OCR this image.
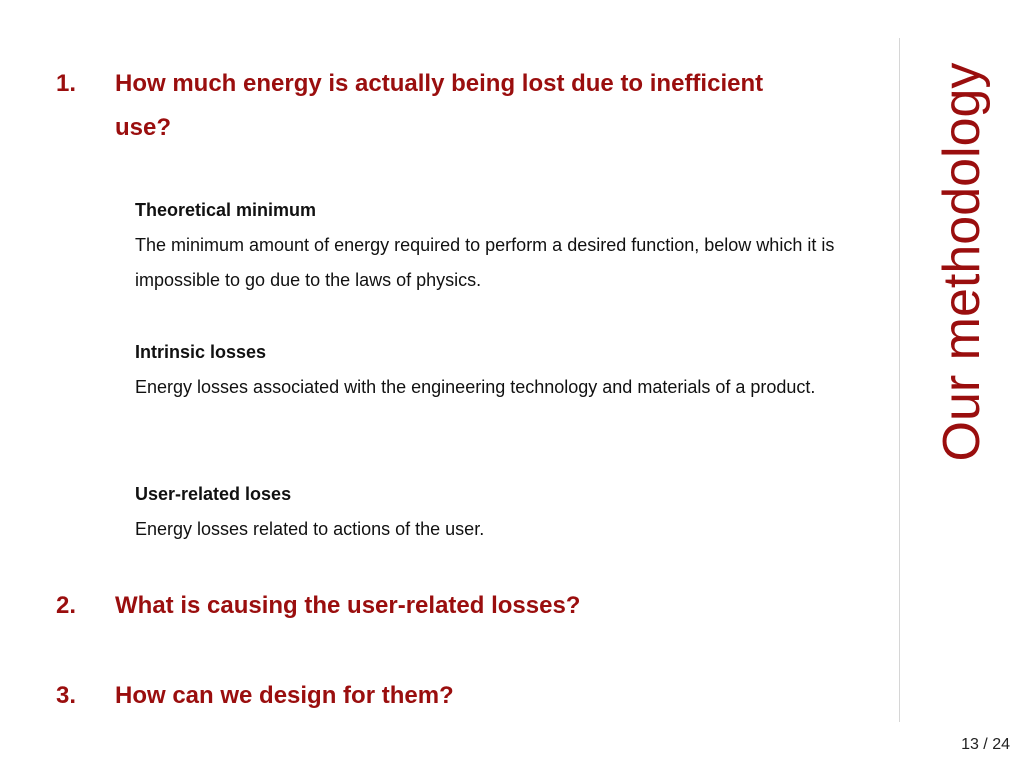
1.	How much energy is actually being lost due to inefficient use?
Theoretical minimum
The minimum amount of energy required to perform a desired function, below which it is impossible to go due to the laws of physics.
Intrinsic losses
Energy losses associated with the engineering technology and materials of a product.
User-related loses
Energy losses related to actions of the user.
2.	What is causing the user-related losses?
3.	How can we design for them?
Our methodology
13 / 24
